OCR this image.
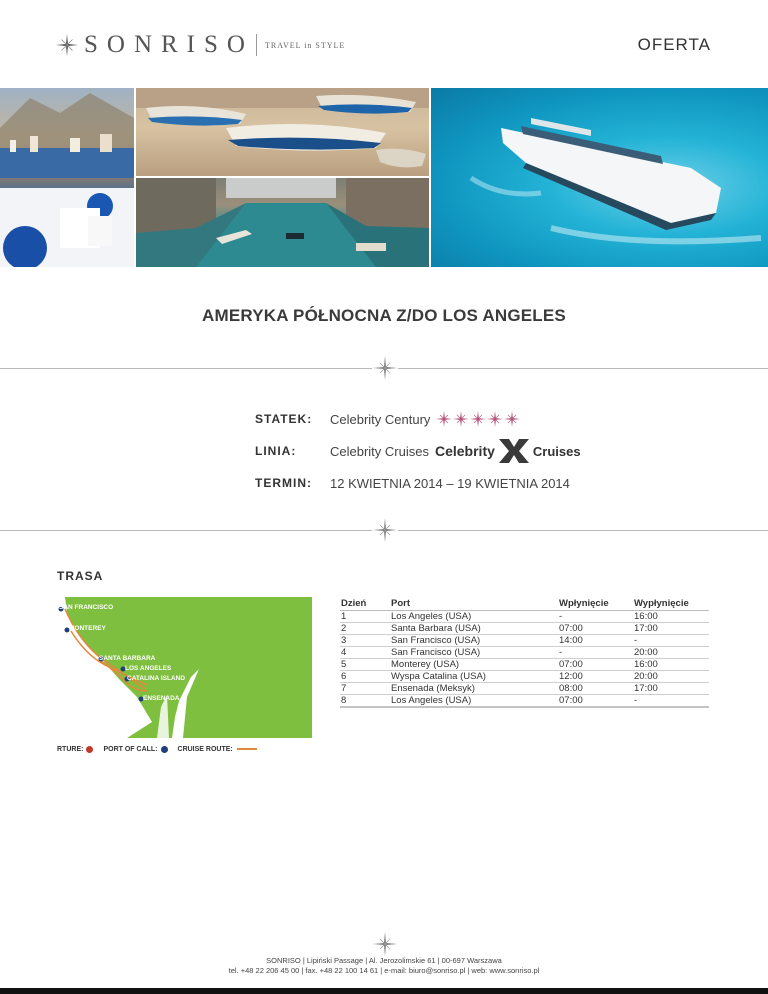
SONRISO TRAVEL in STYLE	OFERTA
AMERYKA PÓŁNOCNA Z/DO LOS ANGELES
STATEK:	Celebrity Century
LINIA:	Celebrity Cruises Celebrity	Cruises
TERMIN:	12 KWIETNIA 2014 – 19 KWIETNIA 2014
TRASA
SAN FRANCISCO
MONTEREY
SANTA BARBARA
LOS ANGELES
CATALINA ISLAND
ENSENADA
RTURE:	PORT OF CALL:	CRUISE ROUTE:
Dzień	Port	Wpłynięcie	Wypłynięcie
1	Los Angeles (USA)	-	16:00
2	Santa Barbara (USA)	07:00	17:00
3	San Francisco (USA)	14:00	-
4	San Francisco (USA)	-	20:00
5	Monterey (USA)	07:00	16:00
6	Wyspa Catalina (USA)	12:00	20:00
7	Ensenada (Meksyk)	08:00	17:00
8	Los Angeles (USA)	07:00	-
SONRISO | Lipiński Passage | Al. Jerozolimskie 61 | 00-697 Warszawa
tel. +48 22 206 45 00 | fax. +48 22 100 14 61 | e-mail: biuro@sonriso.pl | web: www.sonriso.pl
